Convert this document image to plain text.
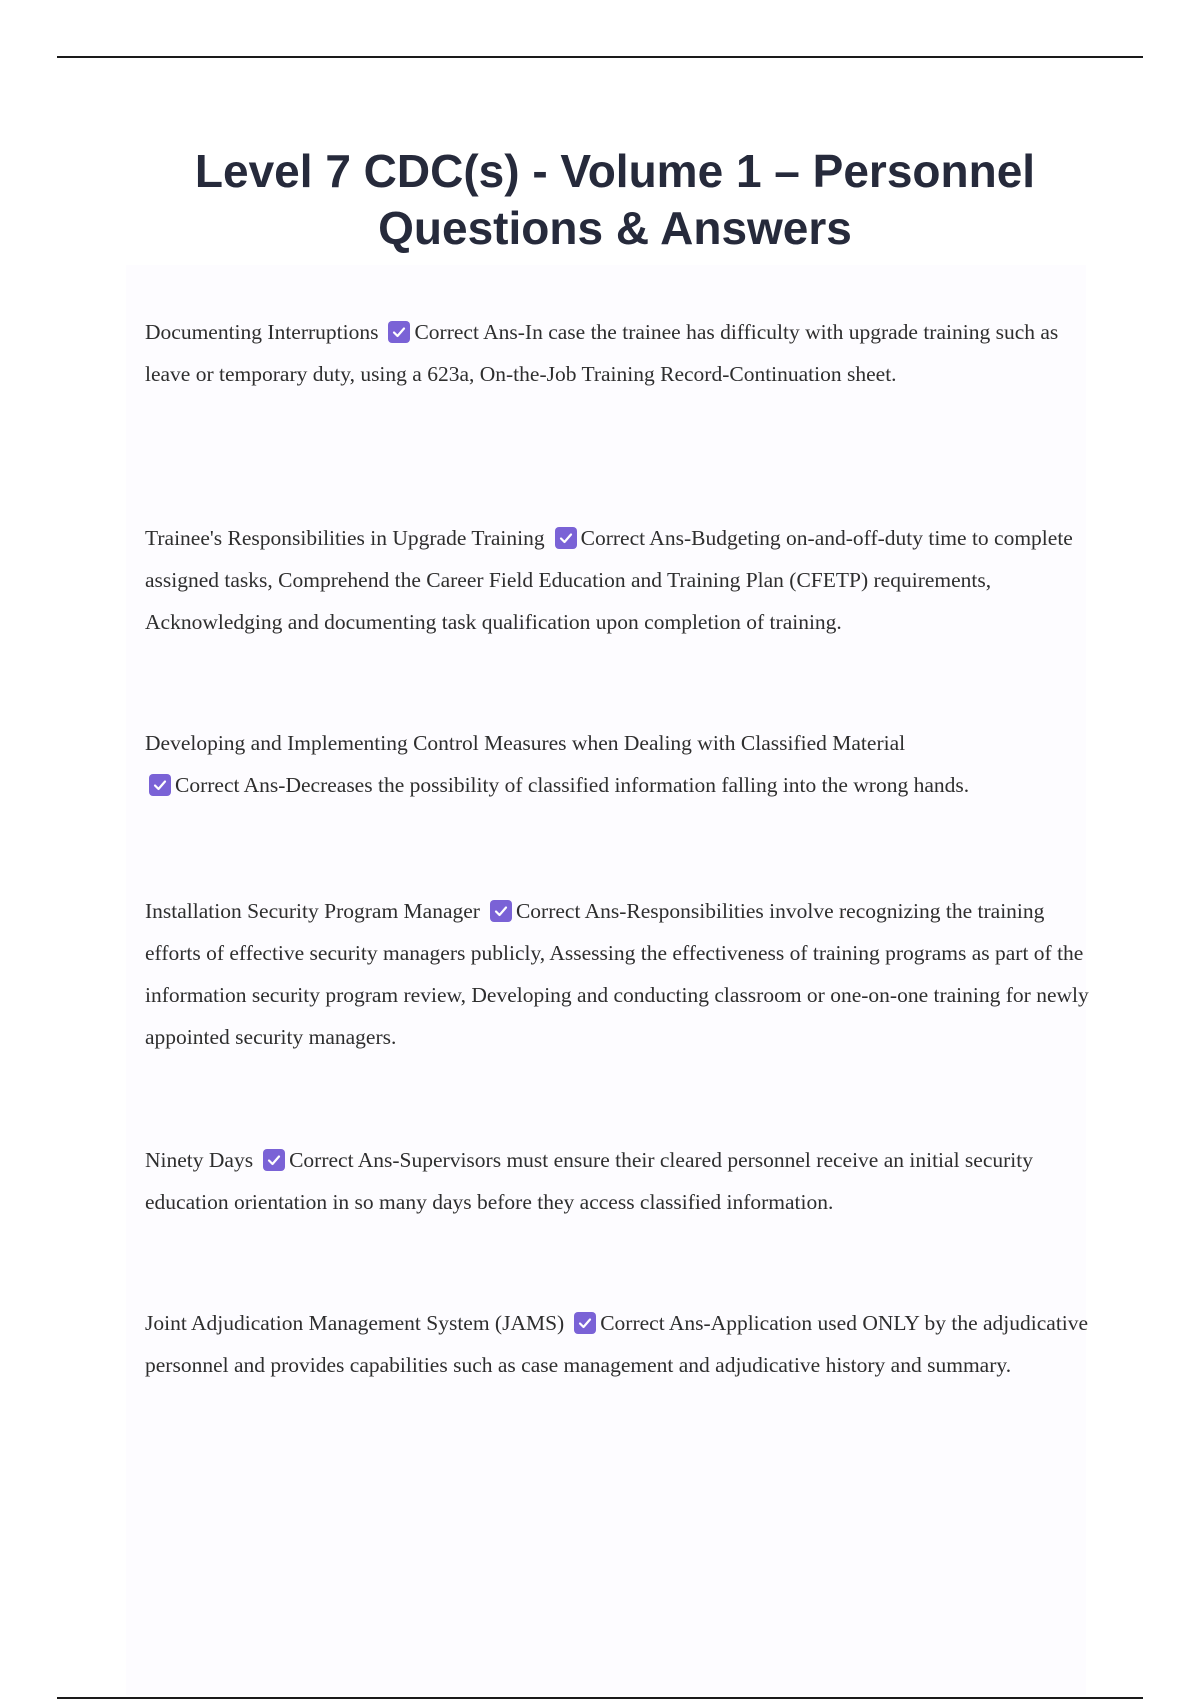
Level 7 CDC(s) - Volume 1 – Personnel Questions & Answers

Documenting Interruptions Correct Ans-In case the trainee has difficulty with upgrade training such as leave or temporary duty, using a 623a, On-the-Job Training Record-Continuation sheet.

Trainee's Responsibilities in Upgrade Training Correct Ans-Budgeting on-and-off-duty time to complete assigned tasks, Comprehend the Career Field Education and Training Plan (CFETP) requirements, Acknowledging and documenting task qualification upon completion of training.

Developing and Implementing Control Measures when Dealing with Classified Material

Correct Ans-Decreases the possibility of classified information falling into the wrong hands.

Installation Security Program Manager Correct Ans-Responsibilities involve recognizing the training efforts of effective security managers publicly, Assessing the effectiveness of training programs as part of the information security program review, Developing and conducting classroom or one-on-one training for newly appointed security managers.

Ninety Days Correct Ans-Supervisors must ensure their cleared personnel receive an initial security education orientation in so many days before they access classified information.

Joint Adjudication Management System (JAMS) Correct Ans-Application used ONLY by the adjudicative personnel and provides capabilities such as case management and adjudicative history and summary.
